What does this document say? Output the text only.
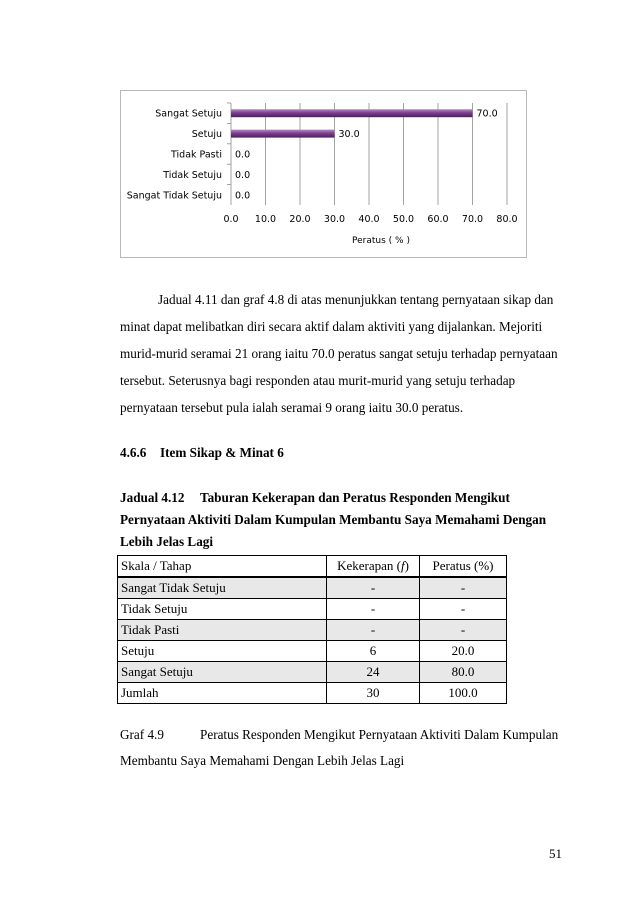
0.0 10.0 20.0 30.0 40.0 50.0 60.0 70.0 80.0
Sangat Setuju	70.0
Setuju	30.0
Tidak Pasti 0.0
Tidak Setuju 0.0
Sangat Tidak Setuju 0.0
Peratus ( % )
Jadual 4.11 dan graf 4.8 di atas menunjukkan tentang pernyataan sikap dan
minat dapat melibatkan diri secara aktif dalam aktiviti yang dijalankan. Mejoriti
murid-murid seramai 21 orang iaitu 70.0 peratus sangat setuju terhadap pernyataan
tersebut. Seterusnya bagi responden atau murit-murid yang setuju terhadap
pernyataan tersebut pula ialah seramai 9 orang iaitu 30.0 peratus.
4.6.6 Item Sikap & Minat 6
Jadual 4.12 Taburan Kekerapan dan Peratus Responden Mengikut
Pernyataan Aktiviti Dalam Kumpulan Membantu Saya Memahami Dengan
Lebih Jelas Lagi
Skala / Tahap	Kekerapan (f)	Peratus (%)
Sangat Tidak Setuju	-	-
Tidak Setuju	-	-
Tidak Pasti	-	-
Setuju	6	20.0
Sangat Setuju	24	80.0
Jumlah	30	100.0
Graf 4.9	Peratus Responden Mengikut Pernyataan Aktiviti Dalam Kumpulan
Membantu Saya Memahami Dengan Lebih Jelas Lagi
51
